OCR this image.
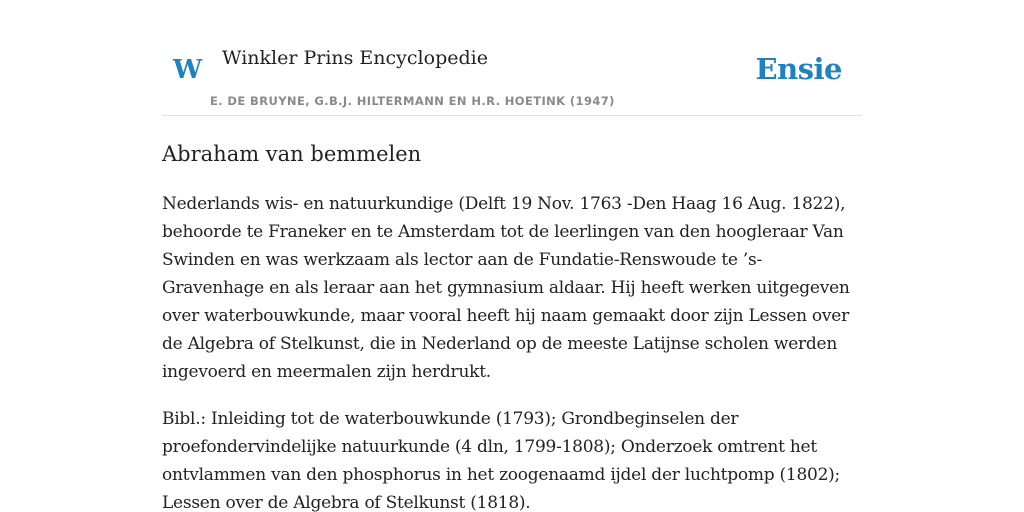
W Winkler Prins Encyclopedie
E. DE BRUYNE, G.B.J. HILTERMANN EN H.R. HOETINK (1947)
Ensie
Abraham van bemmelen

Nederlands wis- en natuurkundige (Delft 19 Nov. 1763 -Den Haag 16 Aug. 1822), behoorde te Franeker en te Amsterdam tot de leerlingen van den hoogleraar Van Swinden en was werkzaam als lector aan de Fundatie-Renswoude te ’s-Gravenhage en als leraar aan het gymnasium aldaar. Hij heeft werken uitgegeven over waterbouwkunde, maar vooral heeft hij naam gemaakt door zijn Lessen over de Algebra of Stelkunst, die in Nederland op de meeste Latijnse scholen werden ingevoerd en meermalen zijn herdrukt.

Bibl.: Inleiding tot de waterbouwkunde (1793); Grondbeginselen der proefondervindelijke natuurkunde (4 dln, 1799-1808); Onderzoek omtrent het ontvlammen van den phosphorus in het zoogenaamd ijdel der luchtpomp (1802); Lessen over de Algebra of Stelkunst (1818).
